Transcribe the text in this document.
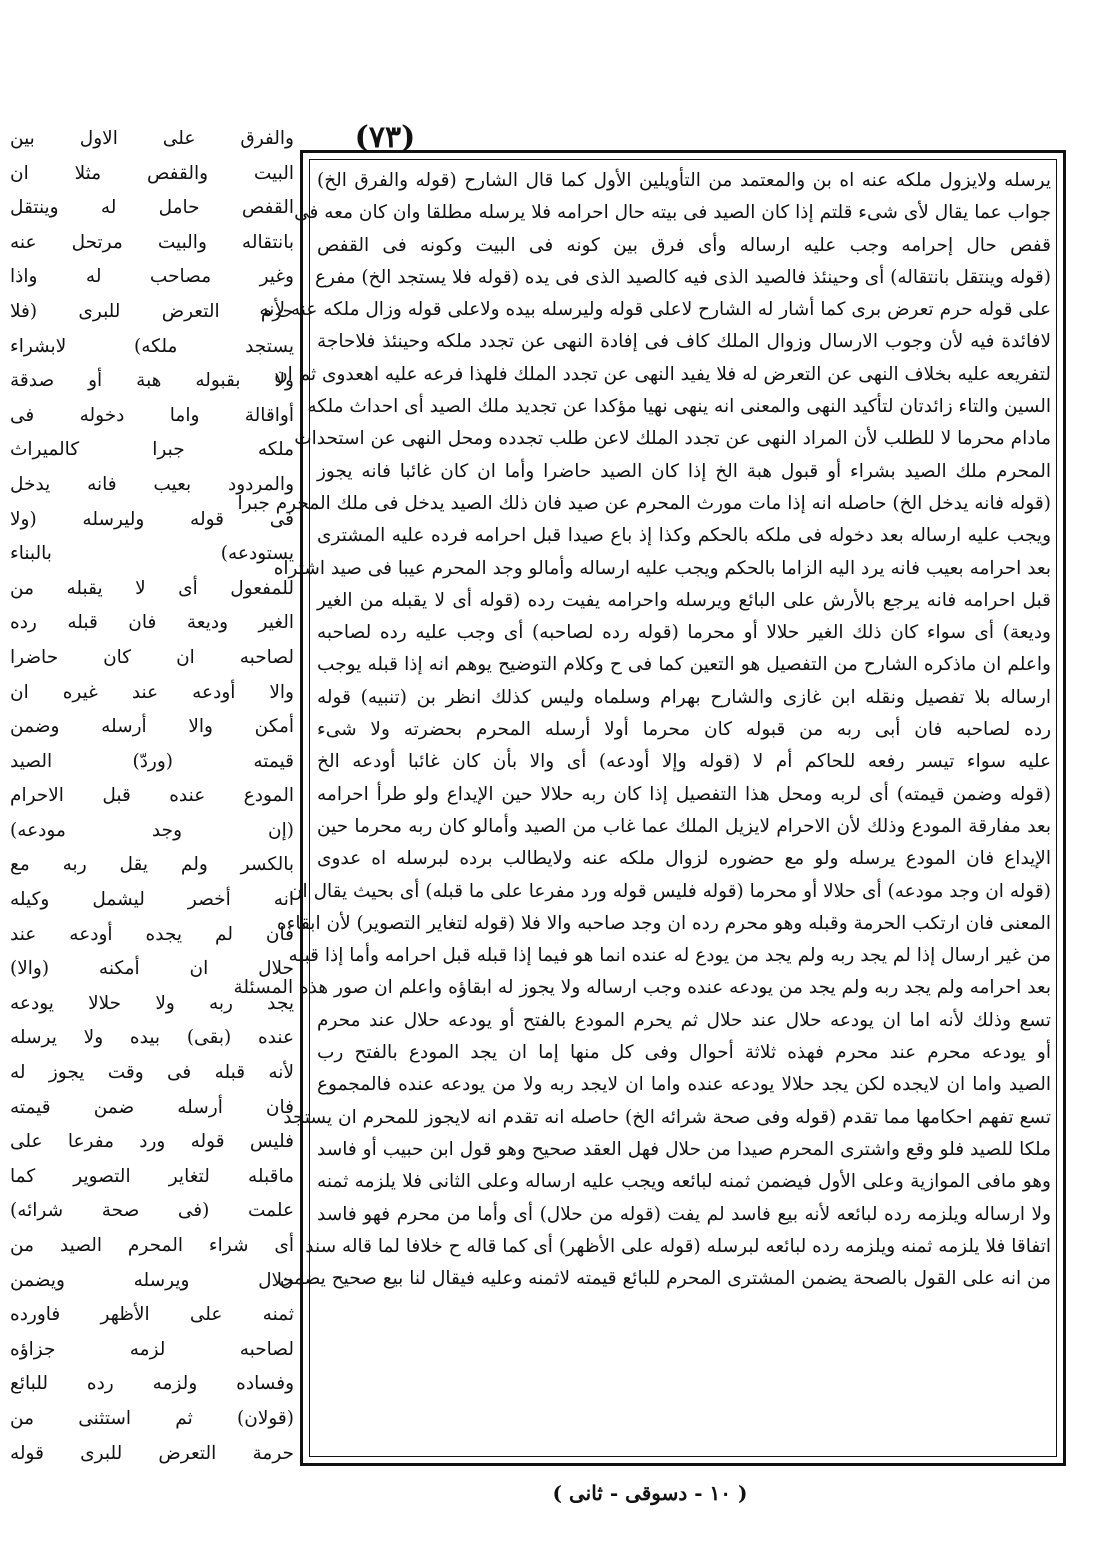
(٧٣)
والفرق على الاول بين
البيت والقفص مثلا ان
القفص حامل له وينتقل
بانتقاله والبيت مرتحل عنه
وغير مصاحب له واذا
حرم التعرض للبرى (فلا
يستجد ملكه) لابشراء
ولا بقبوله هبة أو صدقة
أواقالة واما دخوله فى
ملكه جبرا كالميراث
والمردود بعيب فانه يدخل
فى قوله وليرسله (ولا
يستودعه) بالبناء
للمفعول أى لا يقبله من
الغير وديعة فان قبله رده
لصاحبه ان كان حاضرا
والا أودعه عند غيره ان
أمكن والا أرسله وضمن
قيمته (وردّ) الصيد
المودع عنده قبل الاحرام
(إن وجد مودعه)
بالكسر ولم يقل ربه مع
انه أخصر ليشمل وكيله
فان لم يجده أودعه عند
حلال ان أمكنه (والا)
يجد ربه ولا حلالا يودعه
عنده (بقى) بيده ولا يرسله
لأنه قبله فى وقت يجوز له
فان أرسله ضمن قيمته
فليس قوله ورد مفرعا على
ماقبله لتغاير التصوير كما
علمت (فى صحة شرائه)
أى شراء المحرم الصيد من
حلال ويرسله ويضمن
ثمنه على الأظهر فاورده
لصاحبه لزمه جزاؤه
وفساده ولزمه رده للبائع
(قولان) ثم استثنى من
حرمة التعرض للبرى قوله
يرسله ولايزول ملكه عنه اه بن والمعتمد من التأويلين الأول كما قال الشارح (قوله والفرق الخ)
جواب عما يقال لأى شىء قلتم إذا كان الصيد فى بيته حال احرامه فلا يرسله مطلقا وان كان معه فى
قفص حال إحرامه وجب عليه ارساله وأى فرق بين كونه فى البيت وكونه فى القفص
(قوله وينتقل بانتقاله) أى وحينئذ فالصيد الذى فيه كالصيد الذى فى يده (قوله فلا يستجد الخ) مفرع
على قوله حرم تعرض برى كما أشار له الشارح لاعلى قوله وليرسله بيده ولاعلى قوله وزال ملكه عنه لأنه
لافائدة فيه لأن وجوب الارسال وزوال الملك كاف فى إفادة النهى عن تجدد ملكه وحينئذ فلاحاجة
لتفريعه عليه بخلاف النهى عن التعرض له فلا يفيد النهى عن تجدد الملك فلهذا فرعه عليه اهعدوى ثم ان
السين والتاء زائدتان لتأكيد النهى والمعنى انه ينهى نهيا مؤكدا عن تجديد ملك الصيد أى احداث ملكه
مادام محرما لا للطلب لأن المراد النهى عن تجدد الملك لاعن طلب تجدده ومحل النهى عن استحداث
المحرم ملك الصيد بشراء أو قبول هبة الخ إذا كان الصيد حاضرا وأما ان كان غائبا فانه يجوز
(قوله فانه يدخل الخ) حاصله انه إذا مات مورث المحرم عن صيد فان ذلك الصيد يدخل فى ملك المحرم جبرا
ويجب عليه ارساله بعد دخوله فى ملكه بالحكم وكذا إذ باع صيدا قبل احرامه فرده عليه المشترى
بعد احرامه بعيب فانه يرد اليه الزاما بالحكم ويجب عليه ارساله وأمالو وجد المحرم عيبا فى صيد اشتراه
قبل احرامه فانه يرجع بالأرش على البائع ويرسله واحرامه يفيت رده (قوله أى لا يقبله من الغير
وديعة) أى سواء كان ذلك الغير حلالا أو محرما (قوله رده لصاحبه) أى وجب عليه رده لصاحبه
واعلم ان ماذكره الشارح من التفصيل هو التعين كما فى ح وكلام التوضيح يوهم انه إذا قبله يوجب
ارساله بلا تفصيل ونقله ابن غازى والشارح بهرام وسلماه وليس كذلك انظر بن (تنبيه) قوله
رده لصاحبه فان أبى ربه من قبوله كان محرما أولا أرسله المحرم بحضرته ولا شىء
عليه سواء تيسر رفعه للحاكم أم لا (قوله وإلا أودعه) أى والا بأن كان غائبا أودعه الخ
(قوله وضمن قيمته) أى لربه ومحل هذا التفصيل إذا كان ربه حلالا حين الإيداع ولو طرأ احرامه
بعد مفارقة المودع وذلك لأن الاحرام لايزيل الملك عما غاب من الصيد وأمالو كان ربه محرما حين
الإيداع فان المودع يرسله ولو مع حضوره لزوال ملكه عنه ولايطالب برده لبرسله اه عدوى
(قوله ان وجد مودعه) أى حلالا أو محرما (قوله فليس قوله ورد مفرعا على ما قبله) أى بحيث يقال ان
المعنى فان ارتكب الحرمة وقبله وهو محرم رده ان وجد صاحبه والا فلا (قوله لتغاير التصوير) لأن ابقاءه
من غير ارسال إذا لم يجد ربه ولم يجد من يودع له عنده انما هو فيما إذا قبله قبل احرامه وأما إذا قبله
بعد احرامه ولم يجد ربه ولم يجد من يودعه عنده وجب ارساله ولا يجوز له ابقاؤه واعلم ان صور هذه المسئلة
تسع وذلك لأنه اما ان يودعه حلال عند حلال ثم يحرم المودع بالفتح أو يودعه حلال عند محرم
أو يودعه محرم عند محرم فهذه ثلاثة أحوال وفى كل منها إما ان يجد المودع بالفتح رب
الصيد واما ان لايجده لكن يجد حلالا يودعه عنده واما ان لايجد ربه ولا من يودعه عنده فالمجموع
تسع تفهم احكامها مما تقدم (قوله وفى صحة شرائه الخ) حاصله انه تقدم انه لايجوز للمحرم ان يستجد
ملكا للصيد فلو وقع واشترى المحرم صيدا من حلال فهل العقد صحيح وهو قول ابن حبيب أو فاسد
وهو مافى الموازية وعلى الأول فيضمن ثمنه لبائعه ويجب عليه ارساله وعلى الثانى فلا يلزمه ثمنه
ولا ارساله ويلزمه رده لبائعه لأنه بيع فاسد لم يفت (قوله من حلال) أى وأما من محرم فهو فاسد
اتفاقا فلا يلزمه ثمنه ويلزمه رده لبائعه لبرسله (قوله على الأظهر) أى كما قاله ح خلافا لما قاله سند
من انه على القول بالصحة يضمن المشترى المحرم للبائع قيمته لاثمنه وعليه فيقال لنا بيع صحيح يضمن
( ١٠ - دسوقى - ثانى )
